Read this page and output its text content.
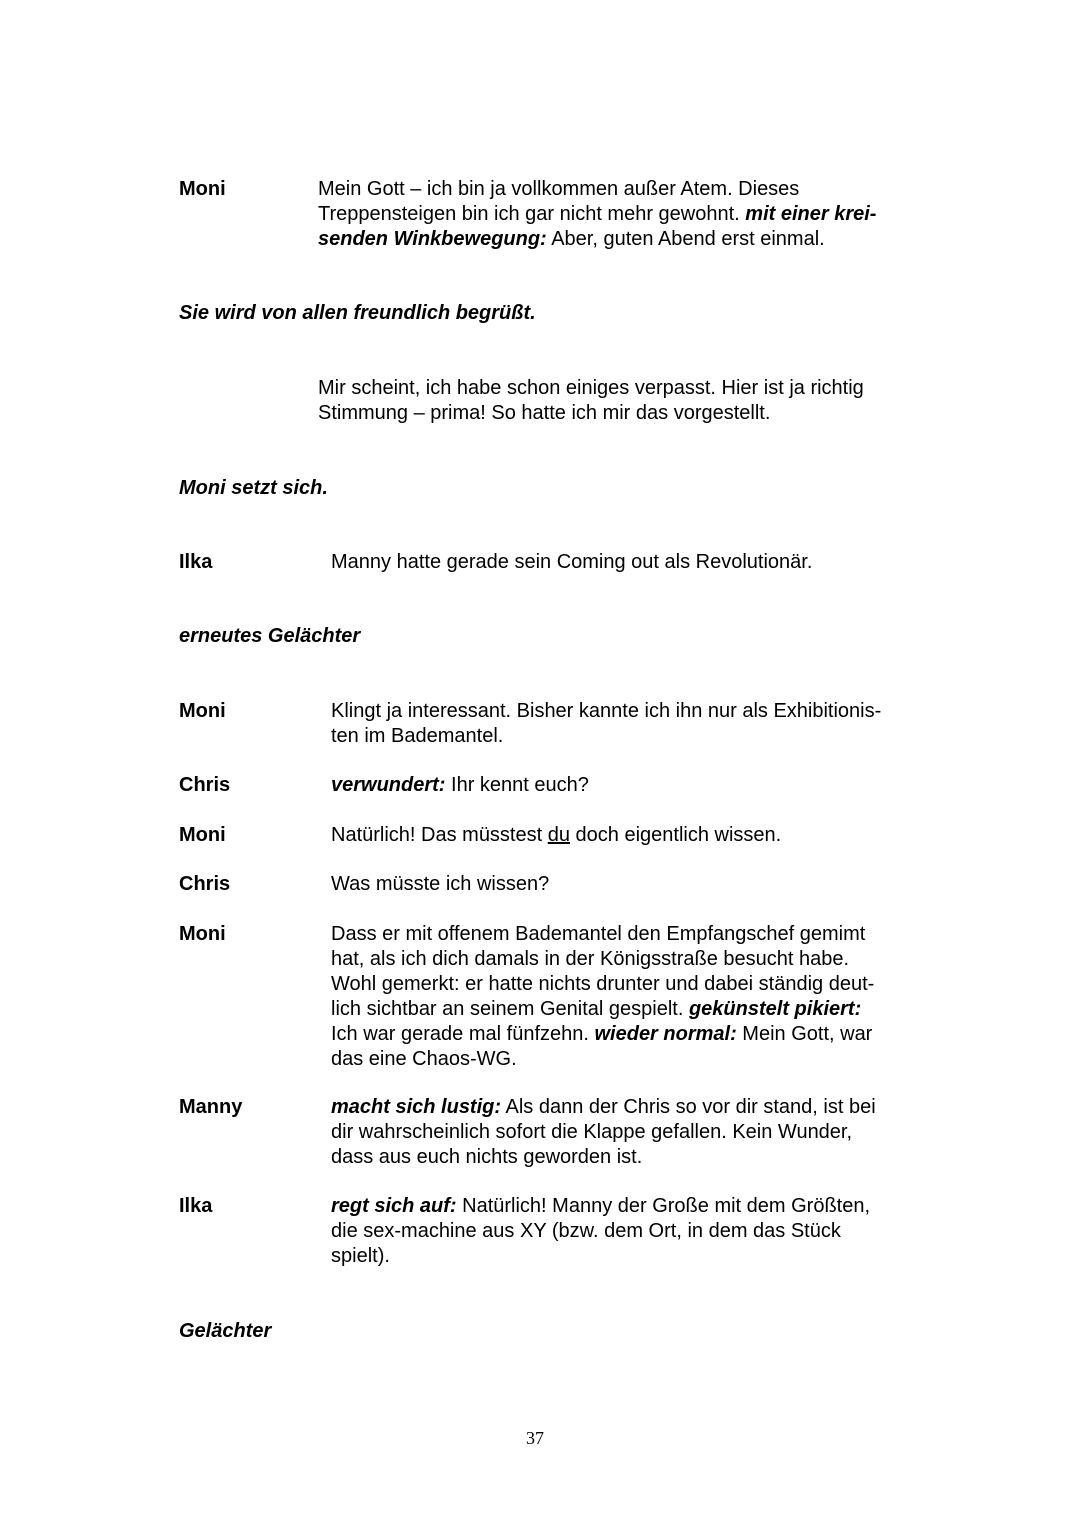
Moni	Mein Gott – ich bin ja vollkommen außer Atem. Dieses
Treppensteigen bin ich gar nicht mehr gewohnt. mit einer krei-
senden Winkbewegung: Aber, guten Abend erst einmal.
Sie wird von allen freundlich begrüßt.
Mir scheint, ich habe schon einiges verpasst. Hier ist ja richtig
Stimmung – prima! So hatte ich mir das vorgestellt.
Moni setzt sich.
Ilka	Manny hatte gerade sein Coming out als Revolutionär.
erneutes Gelächter
Moni	Klingt ja interessant. Bisher kannte ich ihn nur als Exhibitionis-
ten im Bademantel.
Chris	verwundert: Ihr kennt euch?
Moni	Natürlich! Das müsstest du doch eigentlich wissen.
Chris	Was müsste ich wissen?
Moni	Dass er mit offenem Bademantel den Empfangschef gemimt
hat, als ich dich damals in der Königsstraße besucht habe.
Wohl gemerkt: er hatte nichts drunter und dabei ständig deut-
lich sichtbar an seinem Genital gespielt. gekünstelt pikiert:
Ich war gerade mal fünfzehn. wieder normal: Mein Gott, war
das eine Chaos-WG.
Manny	macht sich lustig: Als dann der Chris so vor dir stand, ist bei
dir wahrscheinlich sofort die Klappe gefallen. Kein Wunder,
dass aus euch nichts geworden ist.
Ilka	regt sich auf: Natürlich! Manny der Große mit dem Größten,
die sex-machine aus XY (bzw. dem Ort, in dem das Stück
spielt).
Gelächter
37
